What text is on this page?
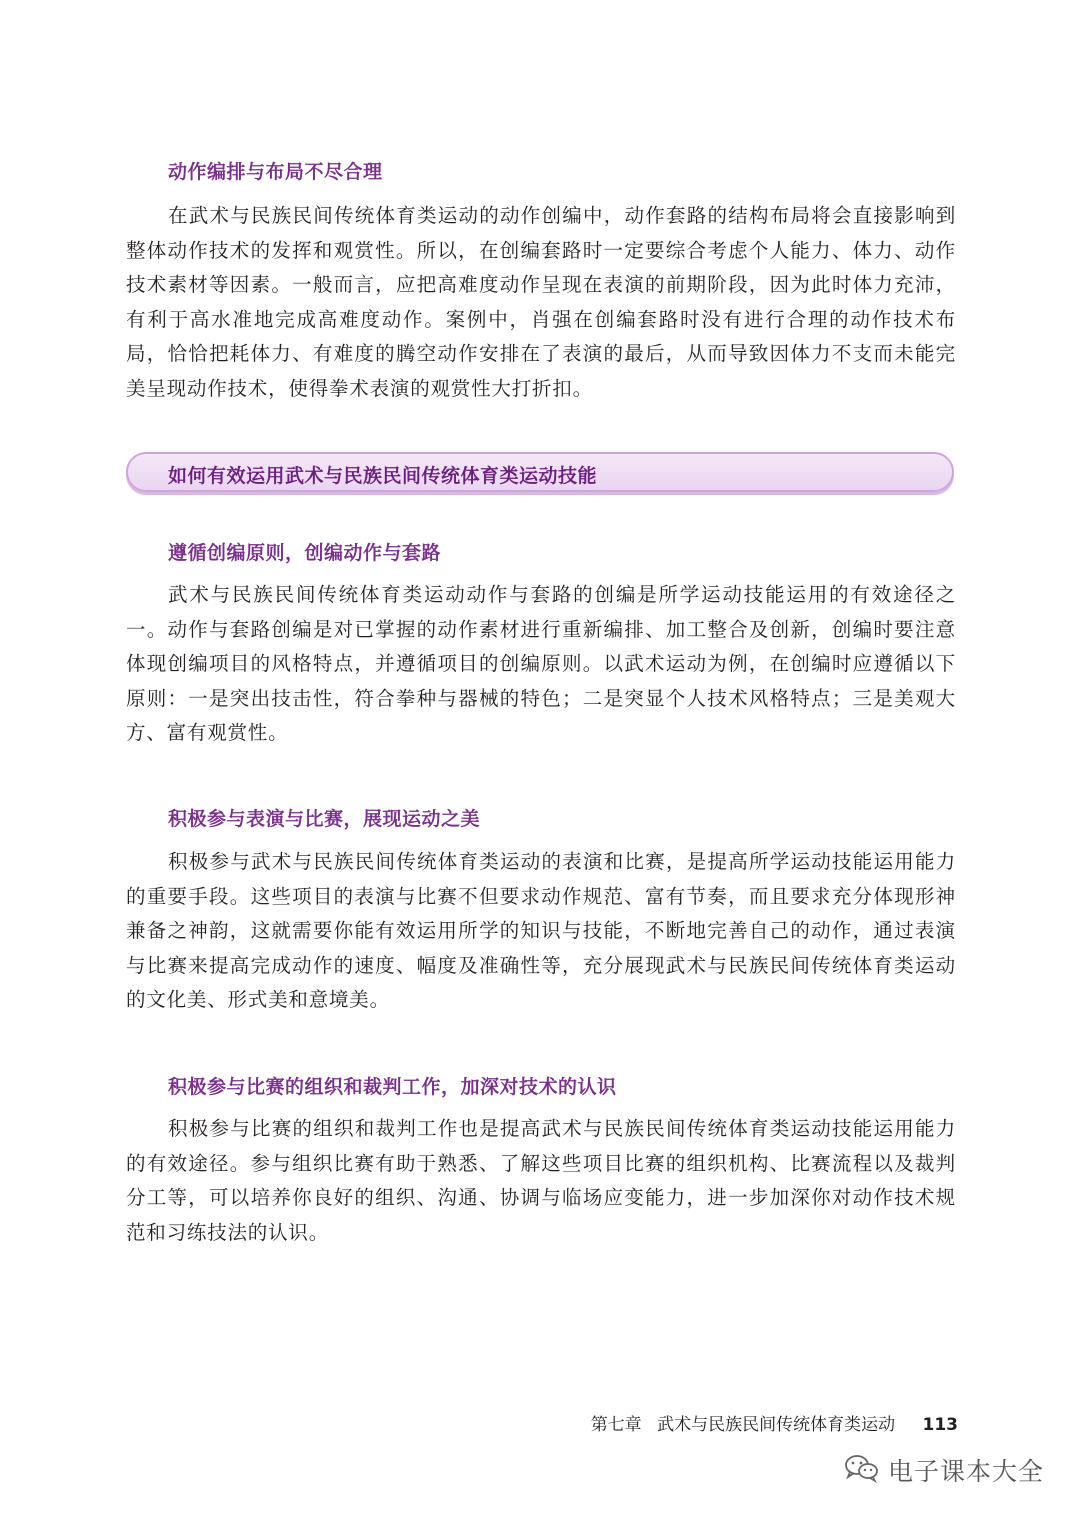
动作编排与布局不尽合理

在武术与民族民间传统体育类运动的动作创编中，动作套路的结构布局将会直接影响到整体动作技术的发挥和观赏性。所以，在创编套路时一定要综合考虑个人能力、体力、动作技术素材等因素。一般而言，应把高难度动作呈现在表演的前期阶段，因为此时体力充沛，有利于高水准地完成高难度动作。案例中，肖强在创编套路时没有进行合理的动作技术布局，恰恰把耗体力、有难度的腾空动作安排在了表演的最后，从而导致因体力不支而未能完美呈现动作技术，使得拳术表演的观赏性大打折扣。

如何有效运用武术与民族民间传统体育类运动技能
遵循创编原则，创编动作与套路

武术与民族民间传统体育类运动动作与套路的创编是所学运动技能运用的有效途径之一。动作与套路创编是对已掌握的动作素材进行重新编排、加工整合及创新，创编时要注意体现创编项目的风格特点，并遵循项目的创编原则。以武术运动为例，在创编时应遵循以下原则：一是突出技击性，符合拳种与器械的特色；二是突显个人技术风格特点；三是美观大方、富有观赏性。

积极参与表演与比赛，展现运动之美

积极参与武术与民族民间传统体育类运动的表演和比赛，是提高所学运动技能运用能力的重要手段。这些项目的表演与比赛不但要求动作规范、富有节奏，而且要求充分体现形神兼备之神韵，这就需要你能有效运用所学的知识与技能，不断地完善自己的动作，通过表演与比赛来提高完成动作的速度、幅度及准确性等，充分展现武术与民族民间传统体育类运动的文化美、形式美和意境美。

积极参与比赛的组织和裁判工作，加深对技术的认识

积极参与比赛的组织和裁判工作也是提高武术与民族民间传统体育类运动技能运用能力的有效途径。参与组织比赛有助于熟悉、了解这些项目比赛的组织机构、比赛流程以及裁判分工等，可以培养你良好的组织、沟通、协调与临场应变能力，进一步加深你对动作技术规范和习练技法的认识。

第七章 武术与民族民间传统体育类运动 113
电子课本大全
